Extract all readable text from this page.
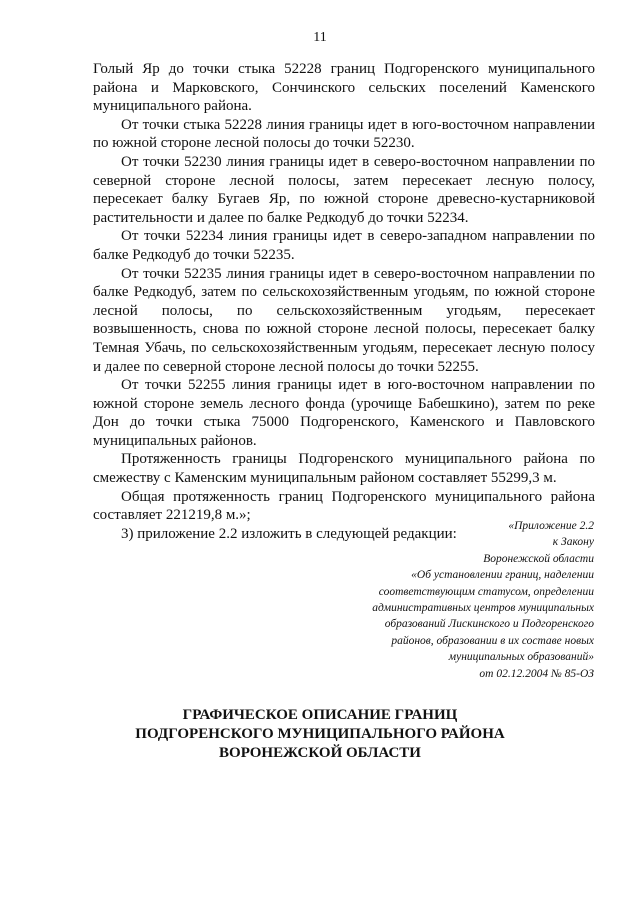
11

Голый Яр до точки стыка 52228 границ Подгоренского муниципального района и Марковского, Сончинского сельских поселений Каменского муниципального района.

От точки стыка 52228 линия границы идет в юго-восточном направлении по южной стороне лесной полосы до точки 52230.

От точки 52230 линия границы идет в северо-восточном направлении по северной стороне лесной полосы, затем пересекает лесную полосу, пересекает балку Бугаев Яр, по южной стороне древесно-кустарниковой растительности и далее по балке Редкодуб до точки 52234.

От точки 52234 линия границы идет в северо-западном направлении по балке Редкодуб до точки 52235.

От точки 52235 линия границы идет в северо-восточном направлении по балке Редкодуб, затем по сельскохозяйственным угодьям, по южной стороне лесной полосы, по сельскохозяйственным угодьям, пересекает возвышенность, снова по южной стороне лесной полосы, пересекает балку Темная Убачь, по сельскохозяйственным угодьям, пересекает лесную полосу и далее по северной стороне лесной полосы до точки 52255.

От точки 52255 линия границы идет в юго-восточном направлении по южной стороне земель лесного фонда (урочище Бабешкино), затем по реке Дон до точки стыка 75000 Подгоренского, Каменского и Павловского муниципальных районов.

Протяженность границы Подгоренского муниципального района по смежеству с Каменским муниципальным районом составляет 55299,3 м.

Общая протяженность границ Подгоренского муниципального района составляет 221219,8 м.»;

3) приложение 2.2 изложить в следующей редакции:	«Приложение 2.2
к Закону
Воронежской области
«Об установлении границ, наделении
соответствующим статусом, определении
административных центров муниципальных
образований Лискинского и Подгоренского
районов, образовании в их составе новых
муниципальных образований»
от 02.12.2004 № 85-ОЗ
ГРАФИЧЕСКОЕ ОПИСАНИЕ ГРАНИЦ
ПОДГОРЕНСКОГО МУНИЦИПАЛЬНОГО РАЙОНА
ВОРОНЕЖСКОЙ ОБЛАСТИ
